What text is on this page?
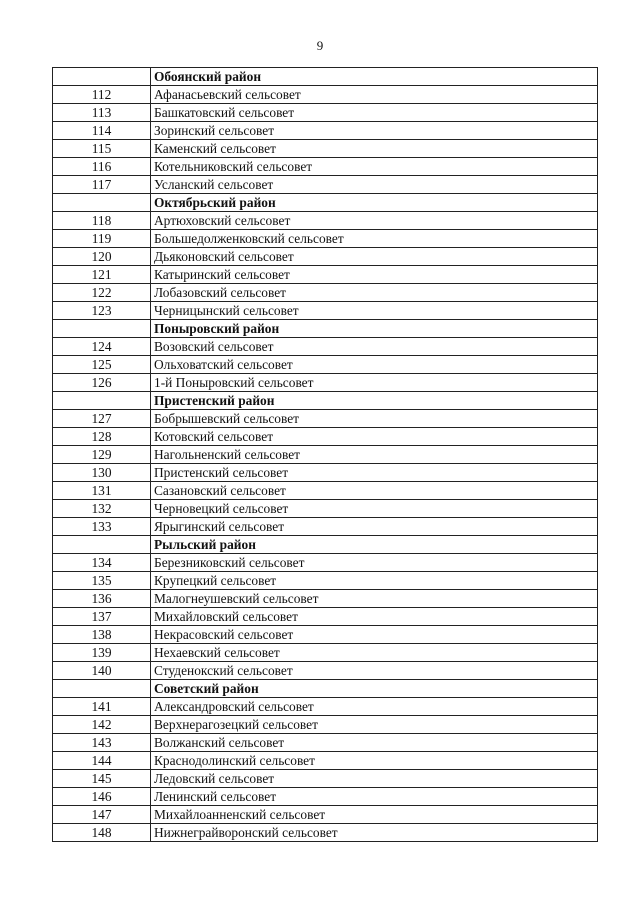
9
	Обоянский район
112	Афанасьевский сельсовет
113	Башкатовский сельсовет
114	Зоринский сельсовет
115	Каменский сельсовет
116	Котельниковский сельсовет
117	Усланский сельсовет
	Октябрьский район
118	Артюховский сельсовет
119	Большедолженковский сельсовет
120	Дьяконовский сельсовет
121	Катыринский сельсовет
122	Лобазовский сельсовет
123	Черницынский сельсовет
	Поныровский район
124	Возовский сельсовет
125	Ольховатский сельсовет
126	1-й Поныровский сельсовет
	Пристенский район
127	Бобрышевский сельсовет
128	Котовский сельсовет
129	Нагольненский сельсовет
130	Пристенский сельсовет
131	Сазановский сельсовет
132	Черновецкий сельсовет
133	Ярыгинский сельсовет
	Рыльский район
134	Березниковский сельсовет
135	Крупецкий сельсовет
136	Малогнеушевский сельсовет
137	Михайловский сельсовет
138	Некрасовский сельсовет
139	Нехаевский сельсовет
140	Студенокский сельсовет
	Советский район
141	Александровский сельсовет
142	Верхнерагозецкий сельсовет
143	Волжанский сельсовет
144	Краснодолинский сельсовет
145	Ледовский сельсовет
146	Ленинский сельсовет
147	Михайлоанненский сельсовет
148	Нижнеграйворонский сельсовет
